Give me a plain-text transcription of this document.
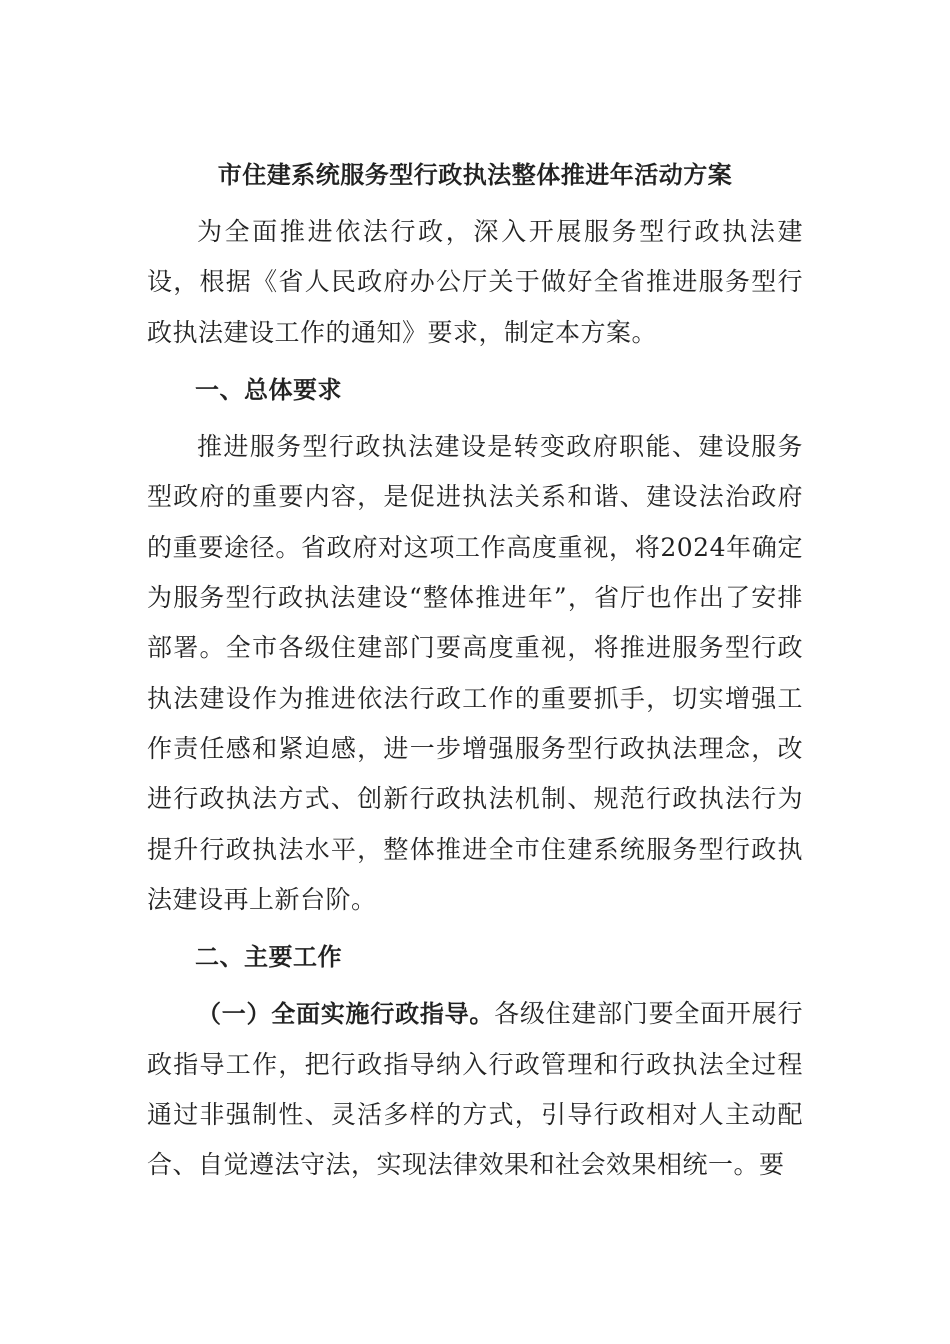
市住建系统服务型行政执法整体推进年活动方案
为全面推进依法行政，深入开展服务型行政执法建设，根据《省人民政府办公厅关于做好全省推进服务型行政执法建设工作的通知》要求，制定本方案。
一、总体要求
推进服务型行政执法建设是转变政府职能、建设服务型政府的重要内容，是促进执法关系和谐、建设法治政府的重要途径。省政府对这项工作高度重视，将2024年确定为服务型行政执法建设“整体推进年”，省厅也作出了安排部署。全市各级住建部门要高度重视，将推进服务型行政执法建设作为推进依法行政工作的重要抓手，切实增强工作责任感和紧迫感，进一步增强服务型行政执法理念，改进行政执法方式、创新行政执法机制、规范行政执法行为提升行政执法水平，整体推进全市住建系统服务型行政执法建设再上新台阶。
二、主要工作
（一）全面实施行政指导。各级住建部门要全面开展行政指导工作，把行政指导纳入行政管理和行政执法全过程通过非强制性、灵活多样的方式，引导行政相对人主动配合、自觉遵法守法，实现法律效果和社会效果相统一。要
